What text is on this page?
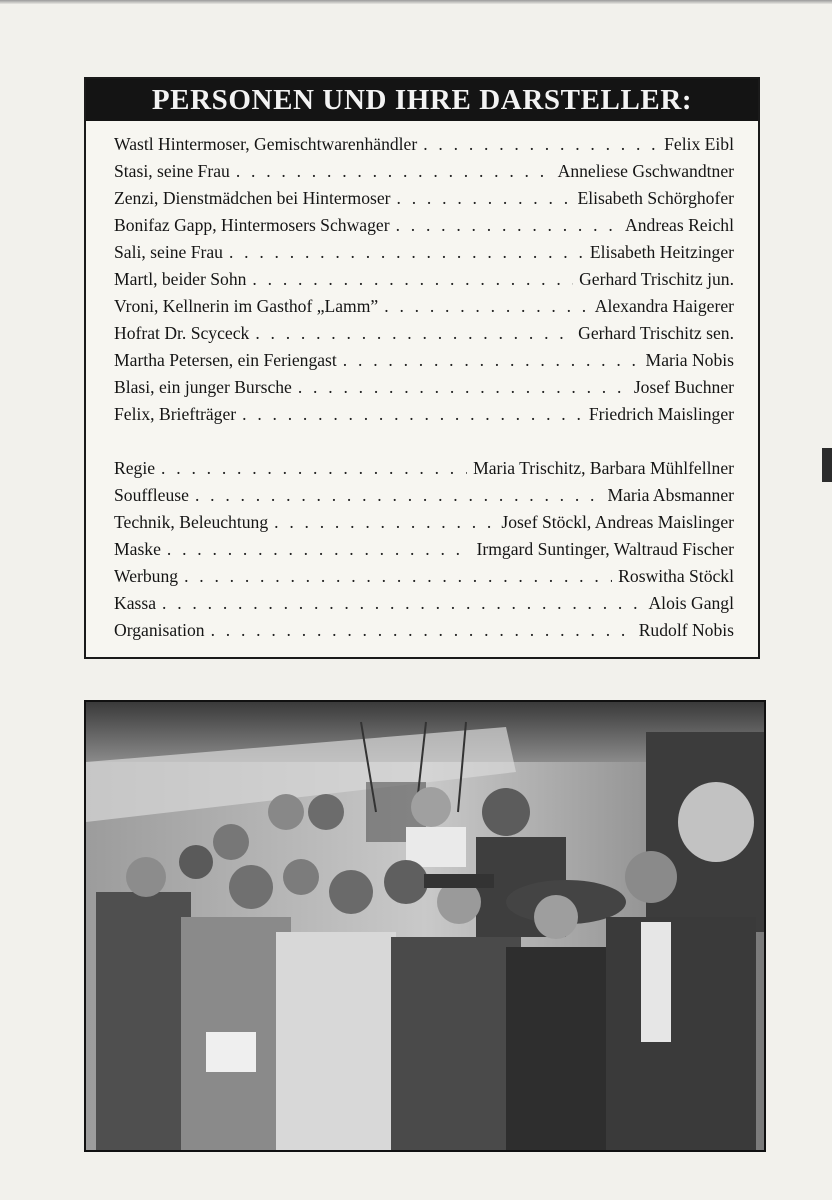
PERSONEN UND IHRE DARSTELLER:
Wastl Hintermoser, Gemischtwarenhändler . . .	Felix Eibl
Stasi, seine Frau . . .	Anneliese Gschwandtner
Zenzi, Dienstmädchen bei Hintermoser . . .	Elisabeth Schörghofer
Bonifaz Gapp, Hintermosers Schwager . . .	Andreas Reichl
Sali, seine Frau . . .	Elisabeth Heitzinger
Martl, beider Sohn . . .	Gerhard Trischitz jun.
Vroni, Kellnerin im Gasthof „Lamm” . . .	Alexandra Haigerer
Hofrat Dr. Scyceck . . .	Gerhard Trischitz sen.
Martha Petersen, ein Feriengast . . .	Maria Nobis
Blasi, ein junger Bursche . . .	Josef Buchner
Felix, Briefträger . . .	Friedrich Maislinger
Regie . . .	Maria Trischitz, Barbara Mühlfellner
Souffleuse . . .	Maria Absmanner
Technik, Beleuchtung . . .	Josef Stöckl, Andreas Maislinger
Maske . . .	Irmgard Suntinger, Waltraud Fischer
Werbung . . .	Roswitha Stöckl
Kassa . . .	Alois Gangl
Organisation . . .	Rudolf Nobis
